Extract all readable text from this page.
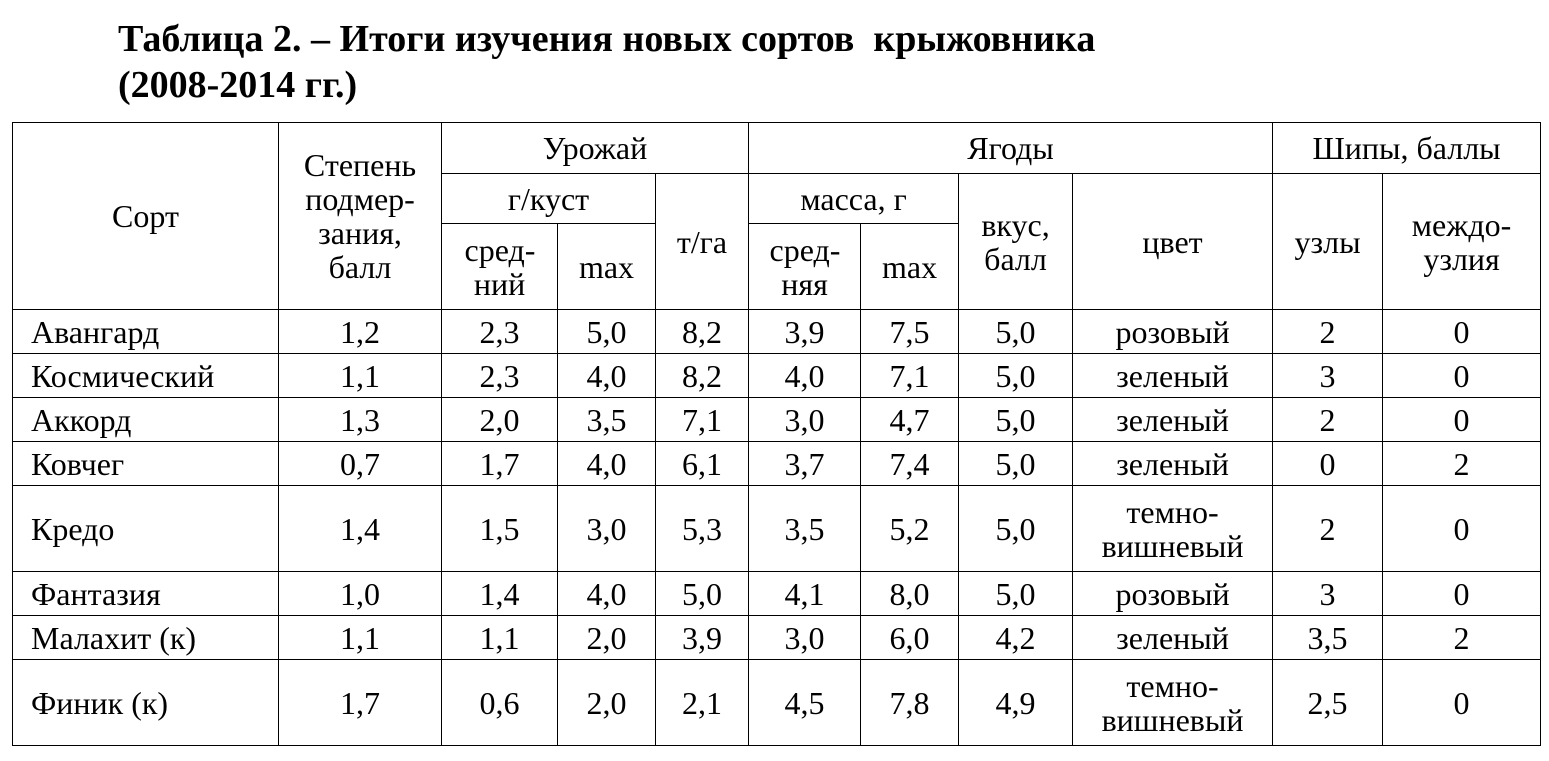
Таблица 2. – Итоги изучения новых сортов  крыжовника
(2008-2014 гг.)
Сорт	Степень подмер-зания, балл	Урожай			Ягоды				Шипы, баллы	
		г/куст		т/га	масса, г		вкус, балл	цвет	узлы	междо-узлия

		сред-ний	max		сред-няя	max				
Авангард	1,2	2,3	5,0	8,2	3,9	7,5	5,0	розовый	2	0
Космический	1,1	2,3	4,0	8,2	4,0	7,1	5,0	зеленый	3	0
Аккорд	1,3	2,0	3,5	7,1	3,0	4,7	5,0	зеленый	2	0
Ковчег	0,7	1,7	4,0	6,1	3,7	7,4	5,0	зеленый	0	2
Кредо	1,4	1,5	3,0	5,3	3,5	5,2	5,0	темно-вишневый	2	0
Фантазия	1,0	1,4	4,0	5,0	4,1	8,0	5,0	розовый	3	0
Малахит (к)	1,1	1,1	2,0	3,9	3,0	6,0	4,2	зеленый	3,5	2
Финик (к)	1,7	0,6	2,0	2,1	4,5	7,8	4,9	темно-вишневый	2,5	0
